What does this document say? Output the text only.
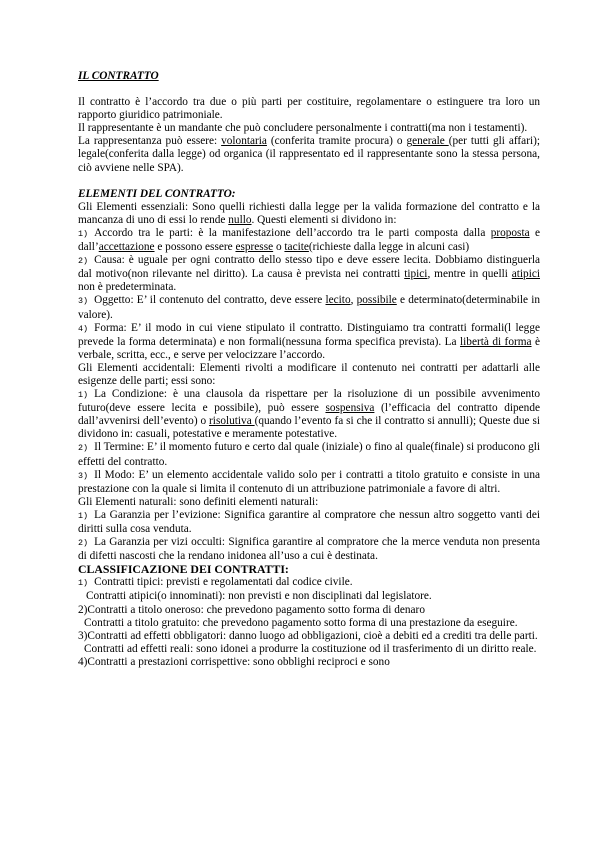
IL CONTRATTO

Il contratto è l’accordo tra due o più parti per costituire, regolamentare o estinguere tra loro un rapporto giuridico patrimoniale.

Il rappresentante è un mandante che può concludere personalmente i contratti(ma non i testamenti).

La rappresentanza può essere: volontaria (conferita tramite procura) o generale (per tutti gli affari); legale(conferita dalla legge) od organica (il rappresentato ed il rappresentante sono la stessa persona, ciò avviene nelle SPA).

ELEMENTI DEL CONTRATTO:

Gli Elementi essenziali: Sono quelli richiesti dalla legge per la valida formazione del contratto e la mancanza di uno di essi lo rende nullo. Questi elementi si dividono in:

1) Accordo tra le parti: è la manifestazione dell’accordo tra le parti composta dalla proposta e dall’accettazione e possono essere espresse o tacite(richieste dalla legge in alcuni casi)

2) Causa: è uguale per ogni contratto dello stesso tipo e deve essere lecita. Dobbiamo distinguerla dal motivo(non rilevante nel diritto). La causa è prevista nei contratti tipici, mentre in quelli atipici non è predeterminata.

3) Oggetto: E’ il contenuto del contratto, deve essere lecito, possibile e determinato(determinabile in valore).

4) Forma: E’ il modo in cui viene stipulato il contratto. Distinguiamo tra contratti formali(l legge prevede la forma determinata) e non formali(nessuna forma specifica prevista). La libertà di forma è verbale, scritta, ecc., e serve per velocizzare l’accordo.

Gli Elementi accidentali: Elementi rivolti a modificare il contenuto nei contratti per adattarli alle esigenze delle parti; essi sono:

1) La Condizione: è una clausola da rispettare per la risoluzione di un possibile avvenimento futuro(deve essere lecita e possibile), può essere sospensiva (l’efficacia del contratto dipende dall’avvenirsi dell’evento) o risolutiva (quando l’evento fa si che il contratto si annulli); Queste due si dividono in: casuali, potestative e meramente potestative.

2) Il Termine: E’ il momento futuro e certo dal quale (iniziale) o fino al quale(finale) si producono gli effetti del contratto.

3) Il Modo: E’ un elemento accidentale valido solo per i contratti a titolo gratuito e consiste in una prestazione con la quale si limita il contenuto di un attribuzione patrimoniale a favore di altri.

Gli Elementi naturali: sono definiti elementi naturali:

1) La Garanzia per l’evizione: Significa garantire al compratore che nessun altro soggetto vanti dei diritti sulla cosa venduta.

2) La Garanzia per vizi occulti: Significa garantire al compratore che la merce venduta non presenta di difetti nascosti che la rendano inidonea all’uso a cui è destinata.

CLASSIFICAZIONE DEI CONTRATTI:

1) Contratti tipici: previsti e regolamentati dal codice civile.

Contratti atipici(o innominati): non previsti e non disciplinati dal legislatore.

2)Contratti a titolo oneroso: che prevedono pagamento sotto forma di denaro

Contratti a titolo gratuito: che prevedono pagamento sotto forma di una prestazione da eseguire.

3)Contratti ad effetti obbligatori: danno luogo ad obbligazioni, cioè a debiti ed a crediti tra delle parti.

Contratti ad effetti reali: sono idonei a produrre la costituzione od il trasferimento di un diritto reale.

4)Contratti a prestazioni corrispettive: sono obblighi reciproci e sono
